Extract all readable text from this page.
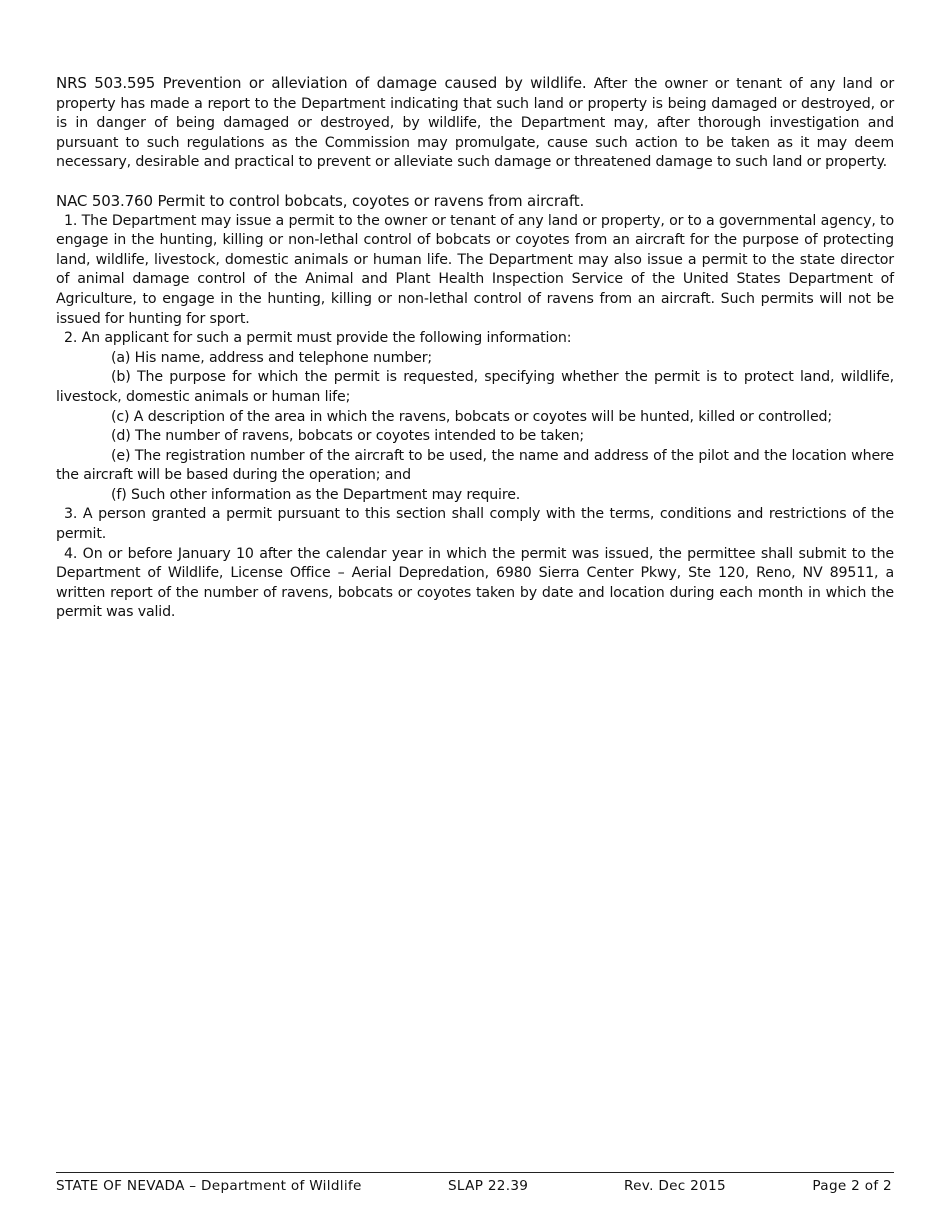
NRS 503.595 Prevention or alleviation of damage caused by wildlife. After the owner or tenant of any land or property has made a report to the Department indicating that such land or property is being damaged or destroyed, or is in danger of being damaged or destroyed, by wildlife, the Department may, after thorough investigation and pursuant to such regulations as the Commission may promulgate, cause such action to be taken as it may deem necessary, desirable and practical to prevent or alleviate such damage or threatened damage to such land or property.

NAC 503.760 Permit to control bobcats, coyotes or ravens from aircraft.

1. The Department may issue a permit to the owner or tenant of any land or property, or to a governmental agency, to engage in the hunting, killing or non-lethal control of bobcats or coyotes from an aircraft for the purpose of protecting land, wildlife, livestock, domestic animals or human life. The Department may also issue a permit to the state director of animal damage control of the Animal and Plant Health Inspection Service of the United States Department of Agriculture, to engage in the hunting, killing or non-lethal control of ravens from an aircraft. Such permits will not be issued for hunting for sport.

2. An applicant for such a permit must provide the following information:

(a) His name, address and telephone number;

(b) The purpose for which the permit is requested, specifying whether the permit is to protect land, wildlife, livestock, domestic animals or human life;

(c) A description of the area in which the ravens, bobcats or coyotes will be hunted, killed or controlled;

(d) The number of ravens, bobcats or coyotes intended to be taken;

(e) The registration number of the aircraft to be used, the name and address of the pilot and the location where the aircraft will be based during the operation; and

(f) Such other information as the Department may require.

3. A person granted a permit pursuant to this section shall comply with the terms, conditions and restrictions of the permit.

4. On or before January 10 after the calendar year in which the permit was issued, the permittee shall submit to the Department of Wildlife, License Office – Aerial Depredation, 6980 Sierra Center Pkwy, Ste 120, Reno, NV 89511, a written report of the number of ravens, bobcats or coyotes taken by date and location during each month in which the permit was valid.

STATE OF NEVADA – Department of Wildlife	SLAP 22.39	Rev. Dec 2015	Page 2 of 2
